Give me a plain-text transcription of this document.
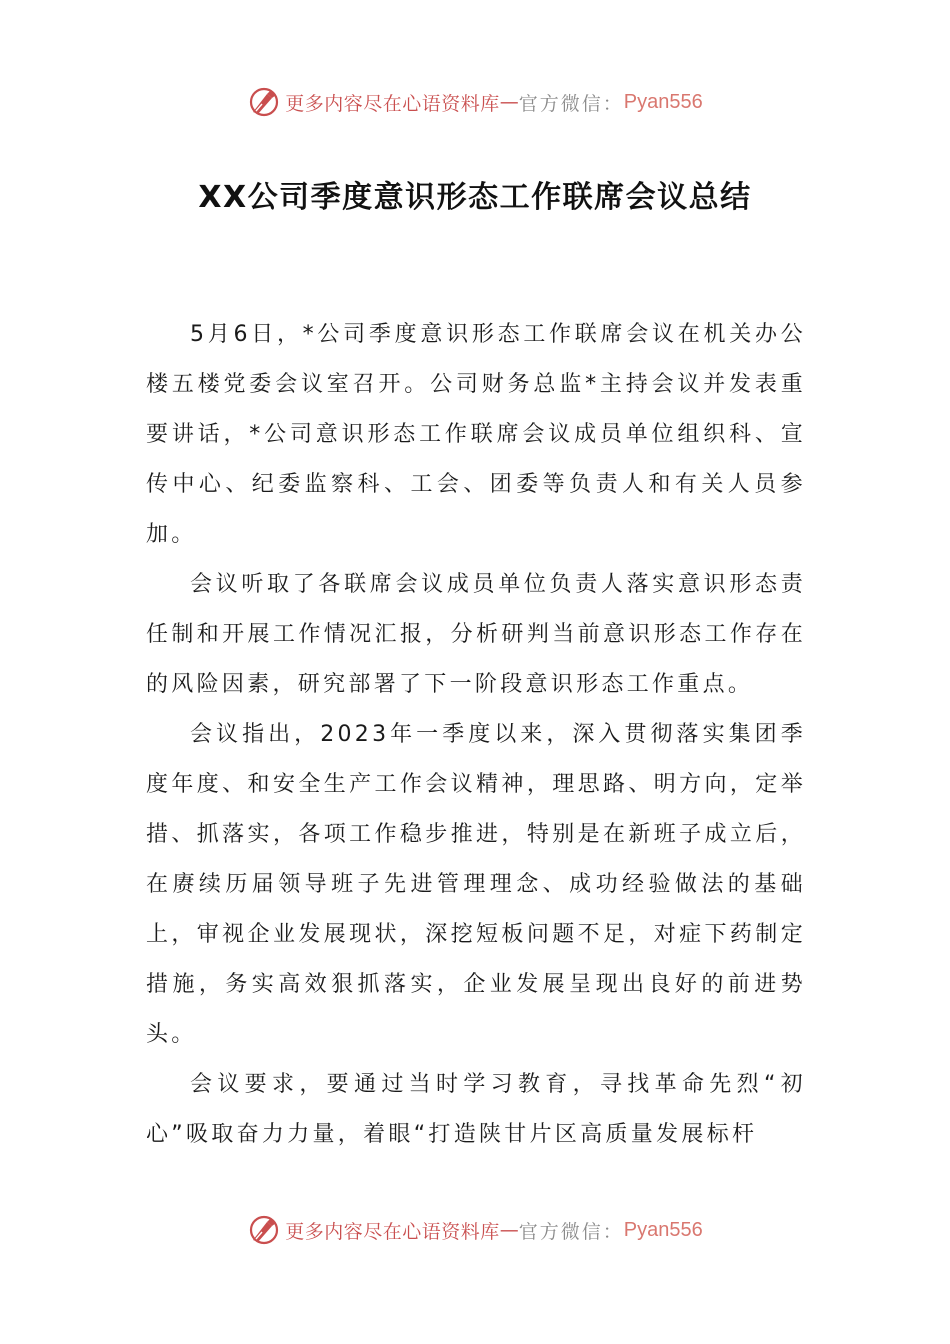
更多内容尽在心语资料库 — 官方微信： Pyan556
XX公司季度意识形态工作联席会议总结

5月6日，*公司季度意识形态工作联席会议在机关办公楼五楼党委会议室召开。公司财务总监*主持会议并发表重要讲话，*公司意识形态工作联席会议成员单位组织科、宣传中心、纪委监察科、工会、团委等负责人和有关人员参加。

会议听取了各联席会议成员单位负责人落实意识形态责任制和开展工作情况汇报，分析研判当前意识形态工作存在的风险因素，研究部署了下一阶段意识形态工作重点。

会议指出，2023年一季度以来，深入贯彻落实集团季度年度、和安全生产工作会议精神，理思路、明方向，定举措、抓落实，各项工作稳步推进，特别是在新班子成立后，在赓续历届领导班子先进管理理念、成功经验做法的基础上，审视企业发展现状，深挖短板问题不足，对症下药制定措施，务实高效狠抓落实，企业发展呈现出良好的前进势头。

会议要求，要通过当时学习教育，寻找革命先烈“初心”吸取奋力力量，着眼“打造陕甘片区高质量发展标杆

更多内容尽在心语资料库 — 官方微信： Pyan556
